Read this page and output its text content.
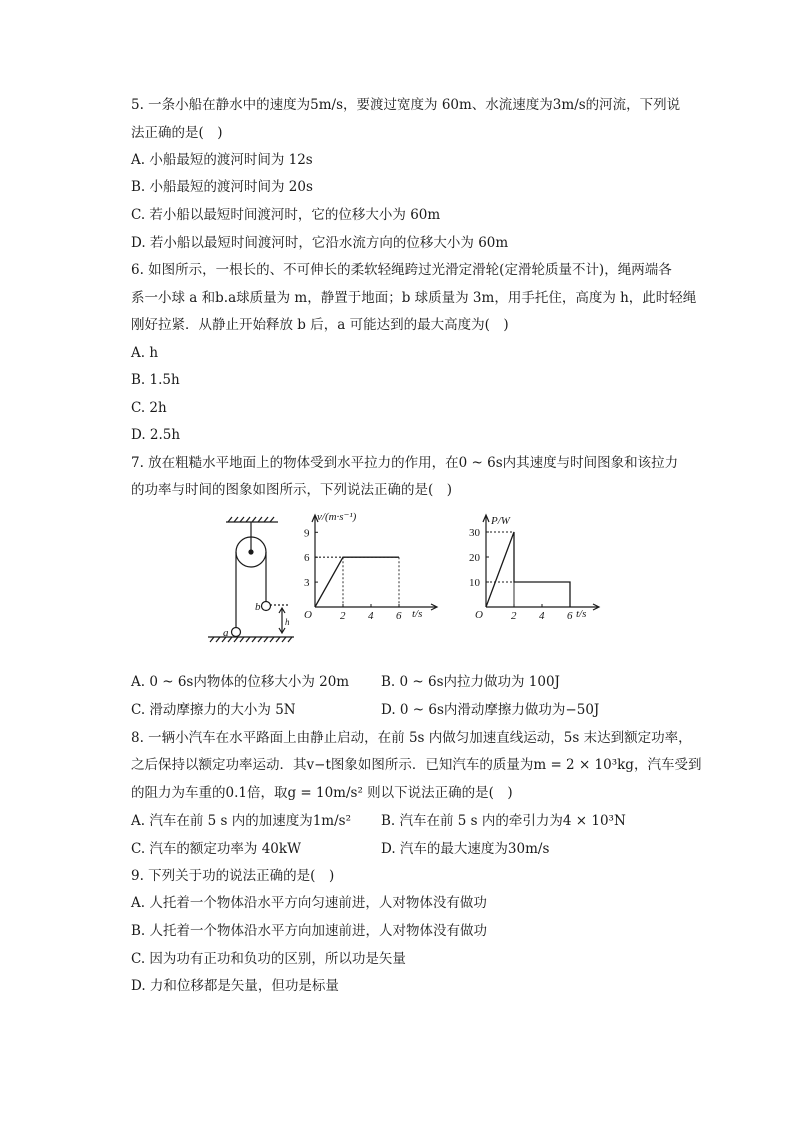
5. 一条小船在静水中的速度为5m/s，要渡过宽度为 60m、水流速度为3m/s的河流，下列说
法正确的是(　)
A. 小船最短的渡河时间为 12s
B. 小船最短的渡河时间为 20s
C. 若小船以最短时间渡河时，它的位移大小为 60m
D. 若小船以最短时间渡河时，它沿水流方向的位移大小为 60m
6. 如图所示，一根长的、不可伸长的柔软轻绳跨过光滑定滑轮(定滑轮质量不计)，绳两端各
系一小球 a 和b.a球质量为 m，静置于地面；b 球质量为 3m，用手托住，高度为 h，此时轻绳
刚好拉紧．从静止开始释放 b 后，a 可能达到的最大高度为(　)
A. h
B. 1.5h
C. 2h
D. 2.5h
7. 放在粗糙水平地面上的物体受到水平拉力的作用，在0 ~ 6s内其速度与时间图象和该拉力
的功率与时间的图象如图所示，下列说法正确的是(　)
b
a
h	2 4 6
3
6
9
v/(m·s⁻¹)
t/s
O	2 4 6
10
20
30
P/W
t/s
O
A. 0 ~ 6s内物体的位移大小为 20m B. 0 ~ 6s内拉力做功为 100J
C. 滑动摩擦力的大小为 5N	D. 0 ~ 6s内滑动摩擦力做功为−50J
8. 一辆小汽车在水平路面上由静止启动，在前 5s 内做匀加速直线运动，5s 末达到额定功率，
之后保持以额定功率运动．其v−t图象如图所示．已知汽车的质量为m = 2 × 10³kg，汽车受到
的阻力为车重的0.1倍，取g = 10m/s² 则以下说法正确的是(　)
A. 汽车在前 5 s 内的加速度为1m/s² B. 汽车在前 5 s 内的牵引力为4 × 10³N
C. 汽车的额定功率为 40kW	D. 汽车的最大速度为30m/s
9. 下列关于功的说法正确的是(　)
A. 人托着一个物体沿水平方向匀速前进，人对物体没有做功
B. 人托着一个物体沿水平方向加速前进，人对物体没有做功
C. 因为功有正功和负功的区别，所以功是矢量
D. 力和位移都是矢量，但功是标量
